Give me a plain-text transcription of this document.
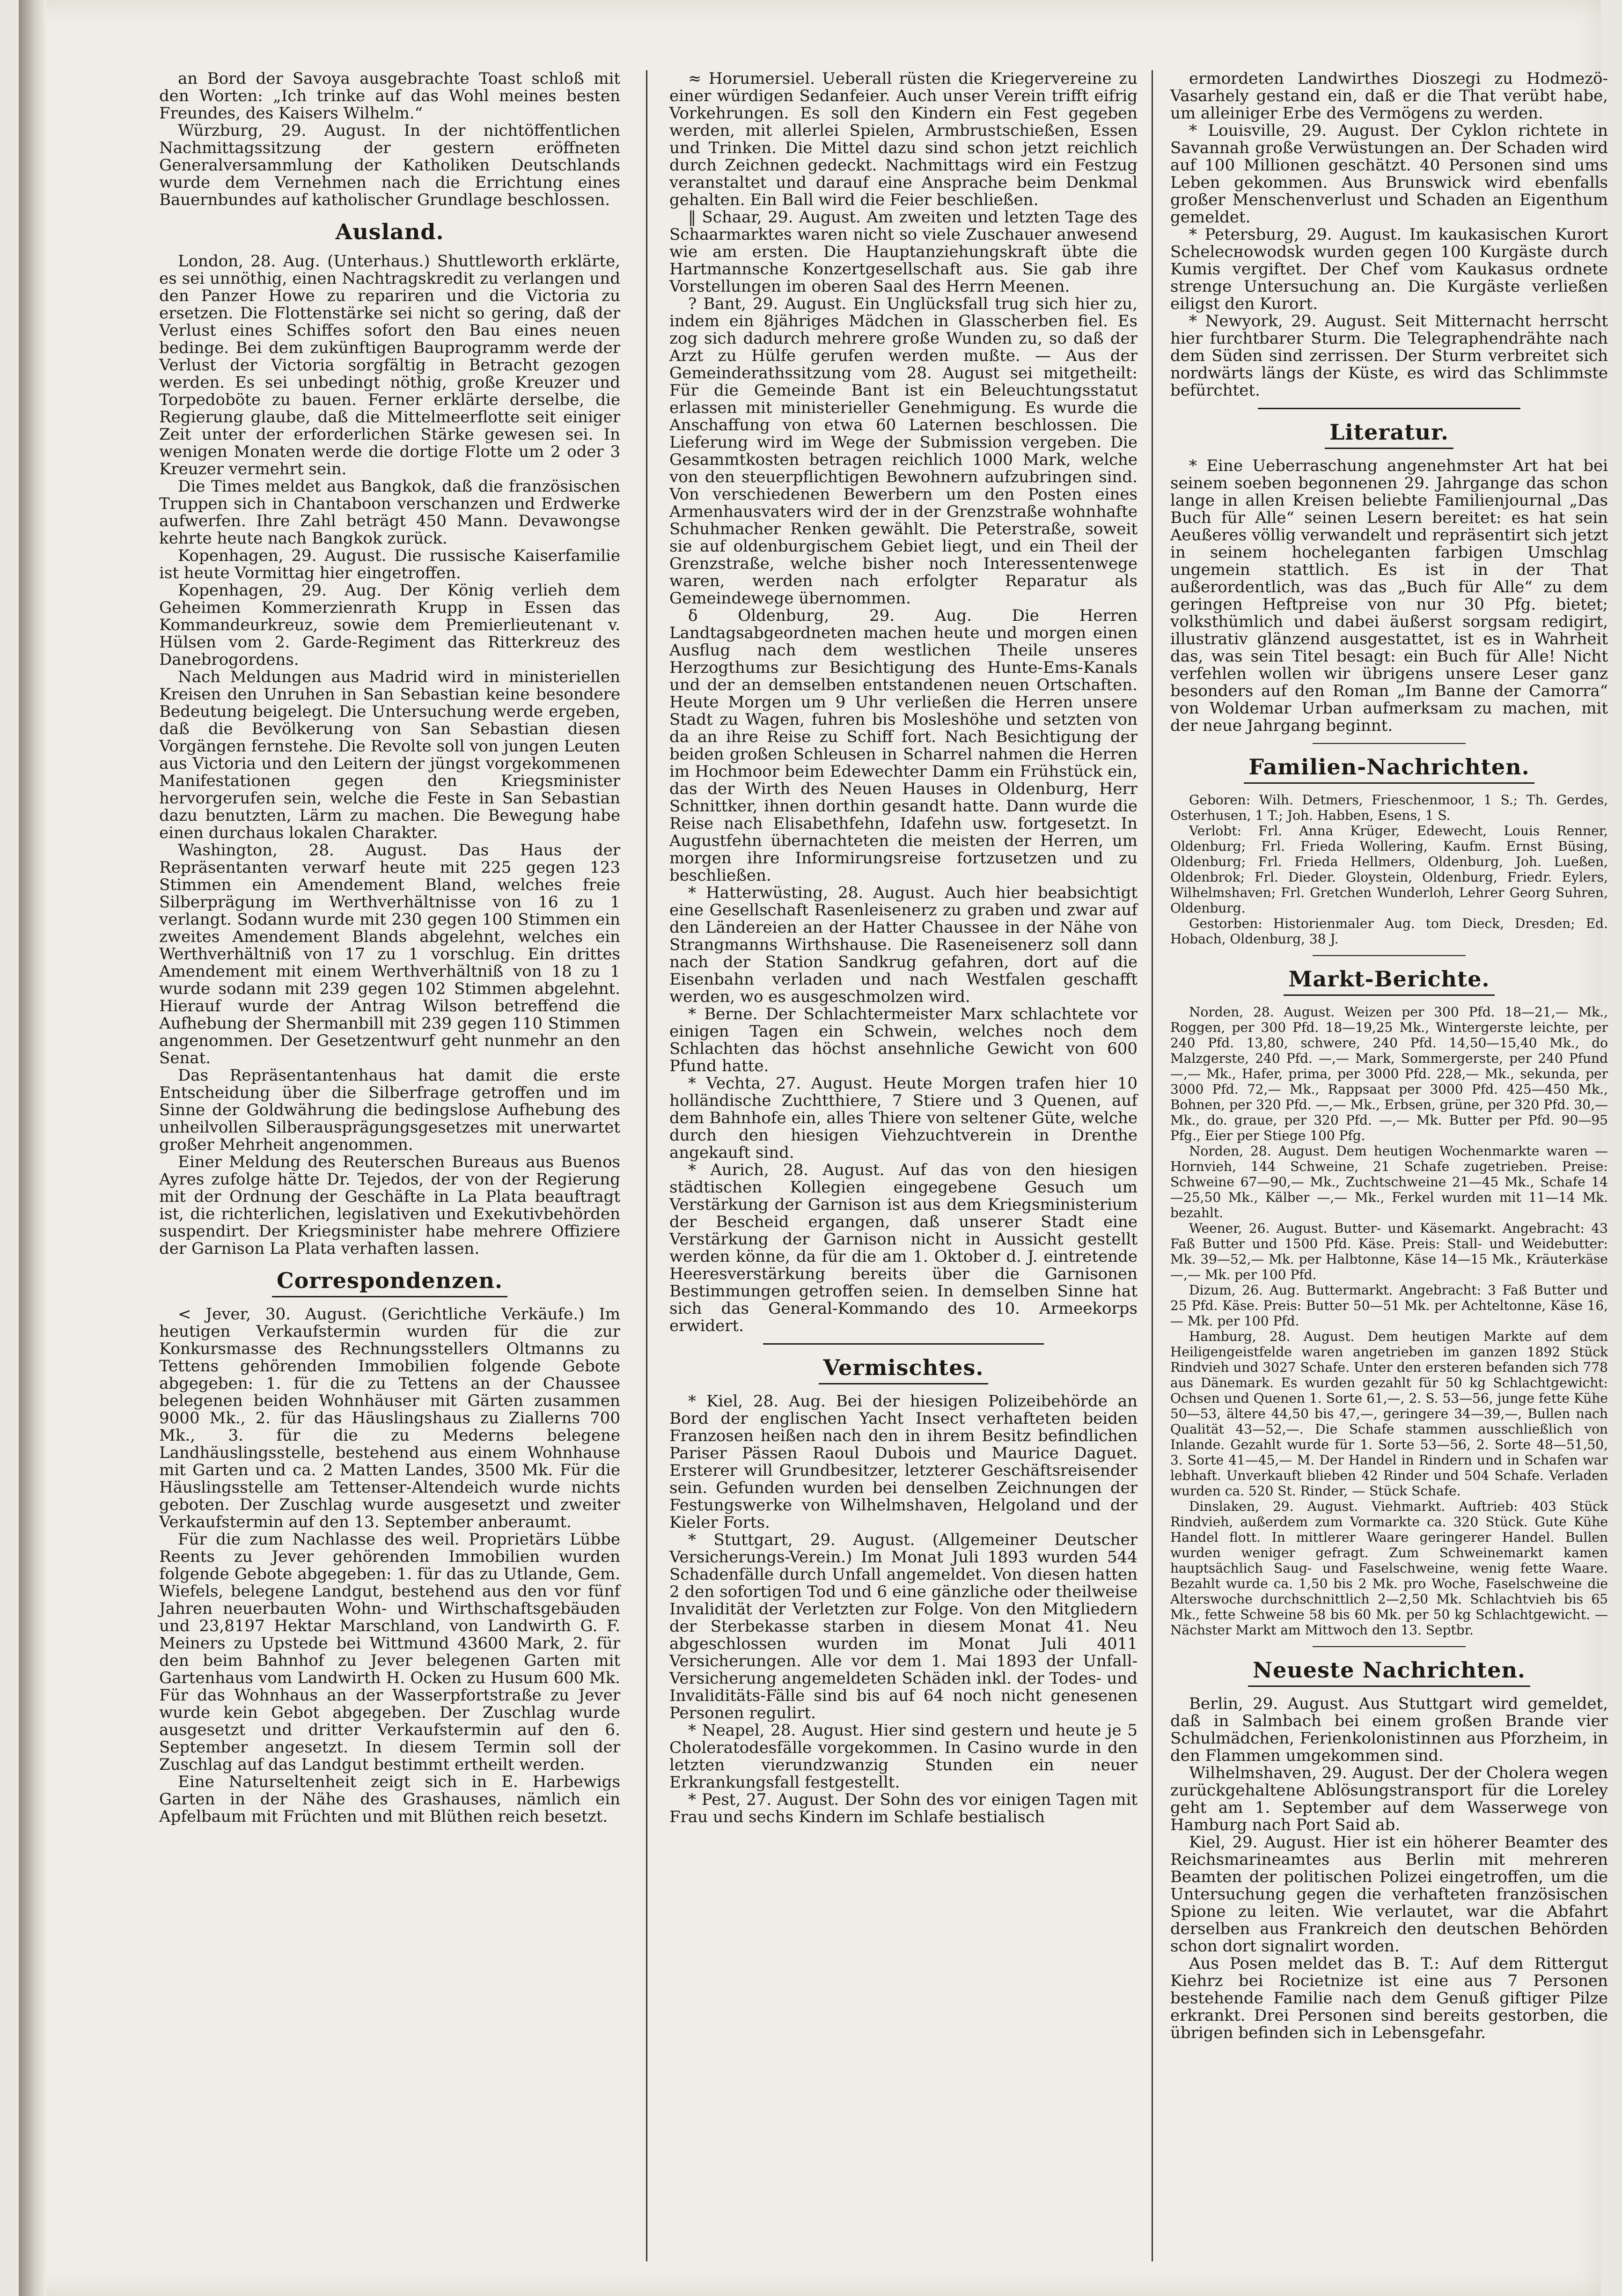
an Bord der Savoya ausgebrachte Toast schloß mit den Worten: „Ich trinke auf das Wohl meines besten Freundes, des Kaisers Wilhelm.“

Würzburg, 29. August. In der nichtöffentlichen Nachmittagssitzung der gestern eröffneten Generalversammlung der Katholiken Deutschlands wurde dem Vernehmen nach die Errichtung eines Bauernbundes auf katholischer Grundlage beschlossen.

Ausland.

London, 28. Aug. (Unterhaus.) Shuttleworth erklärte, es sei unnöthig, einen Nachtragskredit zu verlangen und den Panzer Howe zu repariren und die Victoria zu ersetzen. Die Flottenstärke sei nicht so gering, daß der Verlust eines Schiffes sofort den Bau eines neuen bedinge. Bei dem zukünftigen Bauprogramm werde der Verlust der Victoria sorgfältig in Betracht gezogen werden. Es sei unbedingt nöthig, große Kreuzer und Torpedoböte zu bauen. Ferner erklärte derselbe, die Regierung glaube, daß die Mittelmeerflotte seit einiger Zeit unter der erforderlichen Stärke gewesen sei. In wenigen Monaten werde die dortige Flotte um 2 oder 3 Kreuzer vermehrt sein.

Die Times meldet aus Bangkok, daß die französischen Truppen sich in Chantaboon verschanzen und Erdwerke aufwerfen. Ihre Zahl beträgt 450 Mann. Devawongse kehrte heute nach Bangkok zurück.

Kopenhagen, 29. August. Die russische Kaiserfamilie ist heute Vormittag hier eingetroffen.

Kopenhagen, 29. Aug. Der König verlieh dem Geheimen Kommerzienrath Krupp in Essen das Kommandeurkreuz, sowie dem Premierlieutenant v. Hülsen vom 2. Garde-Regiment das Ritterkreuz des Danebrogordens.

Nach Meldungen aus Madrid wird in ministeriellen Kreisen den Unruhen in San Sebastian keine besondere Bedeutung beigelegt. Die Untersuchung werde ergeben, daß die Bevölkerung von San Sebastian diesen Vorgängen fernstehe. Die Revolte soll von jungen Leuten aus Victoria und den Leitern der jüngst vorgekommenen Manifestationen gegen den Kriegsminister hervorgerufen sein, welche die Feste in San Sebastian dazu benutzten, Lärm zu machen. Die Bewegung habe einen durchaus lokalen Charakter.

Washington, 28. August. Das Haus der Repräsentanten verwarf heute mit 225 gegen 123 Stimmen ein Amendement Bland, welches freie Silberprägung im Werthverhältnisse von 16 zu 1 verlangt. Sodann wurde mit 230 gegen 100 Stimmen ein zweites Amendement Blands abgelehnt, welches ein Werthverhältniß von 17 zu 1 vorschlug. Ein drittes Amendement mit einem Werthverhältniß von 18 zu 1 wurde sodann mit 239 gegen 102 Stimmen abgelehnt. Hierauf wurde der Antrag Wilson betreffend die Aufhebung der Shermanbill mit 239 gegen 110 Stimmen angenommen. Der Gesetzentwurf geht nunmehr an den Senat.

Das Repräsentantenhaus hat damit die erste Entscheidung über die Silberfrage getroffen und im Sinne der Goldwährung die bedingslose Aufhebung des unheilvollen Silberausprägungsgesetzes mit unerwartet großer Mehrheit angenommen.

Einer Meldung des Reuterschen Bureaus aus Buenos Ayres zufolge hätte Dr. Tejedos, der von der Regierung mit der Ordnung der Geschäfte in La Plata beauftragt ist, die richterlichen, legislativen und Exekutivbehörden suspendirt. Der Kriegsminister habe mehrere Offiziere der Garnison La Plata verhaften lassen.

Correspondenzen.

< Jever, 30. August. (Gerichtliche Verkäufe.) Im heutigen Verkaufstermin wurden für die zur Konkursmasse des Rechnungsstellers Oltmanns zu Tettens gehörenden Immobilien folgende Gebote abgegeben: 1. für die zu Tettens an der Chaussee belegenen beiden Wohnhäuser mit Gärten zusammen 9000 Mk., 2. für das Häuslingshaus zu Ziallerns 700 Mk., 3. für die zu Mederns belegene Landhäuslingsstelle, bestehend aus einem Wohnhause mit Garten und ca. 2 Matten Landes, 3500 Mk. Für die Häuslingsstelle am Tettenser-Altendeich wurde nichts geboten. Der Zuschlag wurde ausgesetzt und zweiter Verkaufstermin auf den 13. September anberaumt.

Für die zum Nachlasse des weil. Proprietärs Lübbe Reents zu Jever gehörenden Immobilien wurden folgende Gebote abgegeben: 1. für das zu Utlande, Gem. Wiefels, belegene Landgut, bestehend aus den vor fünf Jahren neuerbauten Wohn- und Wirthschaftsgebäuden und 23,8197 Hektar Marschland, von Landwirth G. F. Meiners zu Upstede bei Wittmund 43600 Mark, 2. für den beim Bahnhof zu Jever belegenen Garten mit Gartenhaus vom Landwirth H. Ocken zu Husum 600 Mk. Für das Wohnhaus an der Wasserpfortstraße zu Jever wurde kein Gebot abgegeben. Der Zuschlag wurde ausgesetzt und dritter Verkaufstermin auf den 6. September angesetzt. In diesem Termin soll der Zuschlag auf das Landgut bestimmt ertheilt werden.

Eine Naturseltenheit zeigt sich in E. Harbewigs Garten in der Nähe des Grashauses, nämlich ein Apfelbaum mit Früchten und mit Blüthen reich besetzt.

≈ Horumersiel. Ueberall rüsten die Kriegervereine zu einer würdigen Sedanfeier. Auch unser Verein trifft eifrig Vorkehrungen. Es soll den Kindern ein Fest gegeben werden, mit allerlei Spielen, Armbrustschießen, Essen und Trinken. Die Mittel dazu sind schon jetzt reichlich durch Zeichnen gedeckt. Nachmittags wird ein Festzug veranstaltet und darauf eine Ansprache beim Denkmal gehalten. Ein Ball wird die Feier beschließen.

‖ Schaar, 29. August. Am zweiten und letzten Tage des Schaarmarktes waren nicht so viele Zuschauer anwesend wie am ersten. Die Hauptanziehungskraft übte die Hartmannsche Konzertgesellschaft aus. Sie gab ihre Vorstellungen im oberen Saal des Herrn Meenen.

? Bant, 29. August. Ein Unglücksfall trug sich hier zu, indem ein 8jähriges Mädchen in Glasscherben fiel. Es zog sich dadurch mehrere große Wunden zu, so daß der Arzt zu Hülfe gerufen werden mußte. — Aus der Gemeinderathssitzung vom 28. August sei mitgetheilt: Für die Gemeinde Bant ist ein Beleuchtungsstatut erlassen mit ministerieller Genehmigung. Es wurde die Anschaffung von etwa 60 Laternen beschlossen. Die Lieferung wird im Wege der Submission vergeben. Die Gesammtkosten betragen reichlich 1000 Mark, welche von den steuerpflichtigen Bewohnern aufzubringen sind. Von verschiedenen Bewerbern um den Posten eines Armenhausvaters wird der in der Grenzstraße wohnhafte Schuhmacher Renken gewählt. Die Peterstraße, soweit sie auf oldenburgischem Gebiet liegt, und ein Theil der Grenzstraße, welche bisher noch Interessentenwege waren, werden nach erfolgter Reparatur als Gemeindewege übernommen.

δ Oldenburg, 29. Aug. Die Herren Landtagsabgeordneten machen heute und morgen einen Ausflug nach dem westlichen Theile unseres Herzogthums zur Besichtigung des Hunte-Ems-Kanals und der an demselben entstandenen neuen Ortschaften. Heute Morgen um 9 Uhr verließen die Herren unsere Stadt zu Wagen, fuhren bis Mosleshöhe und setzten von da an ihre Reise zu Schiff fort. Nach Besichtigung der beiden großen Schleusen in Scharrel nahmen die Herren im Hochmoor beim Edewechter Damm ein Frühstück ein, das der Wirth des Neuen Hauses in Oldenburg, Herr Schnittker, ihnen dorthin gesandt hatte. Dann wurde die Reise nach Elisabethfehn, Idafehn usw. fortgesetzt. In Augustfehn übernachteten die meisten der Herren, um morgen ihre Informirungsreise fortzusetzen und zu beschließen.

* Hatterwüsting, 28. August. Auch hier beabsichtigt eine Gesellschaft Rasenleisenerz zu graben und zwar auf den Ländereien an der Hatter Chaussee in der Nähe von Strangmanns Wirthshause. Die Raseneisenerz soll dann nach der Station Sandkrug gefahren, dort auf die Eisenbahn verladen und nach Westfalen geschafft werden, wo es ausgeschmolzen wird.

* Berne. Der Schlachtermeister Marx schlachtete vor einigen Tagen ein Schwein, welches noch dem Schlachten das höchst ansehnliche Gewicht von 600 Pfund hatte.

* Vechta, 27. August. Heute Morgen trafen hier 10 holländische Zuchtthiere, 7 Stiere und 3 Quenen, auf dem Bahnhofe ein, alles Thiere von seltener Güte, welche durch den hiesigen Viehzuchtverein in Drenthe angekauft sind.

* Aurich, 28. August. Auf das von den hiesigen städtischen Kollegien eingegebene Gesuch um Verstärkung der Garnison ist aus dem Kriegsministerium der Bescheid ergangen, daß unserer Stadt eine Verstärkung der Garnison nicht in Aussicht gestellt werden könne, da für die am 1. Oktober d. J. eintretende Heeresverstärkung bereits über die Garnisonen Bestimmungen getroffen seien. In demselben Sinne hat sich das General-Kommando des 10. Armeekorps erwidert.

Vermischtes.

* Kiel, 28. Aug. Bei der hiesigen Polizeibehörde an Bord der englischen Yacht Insect verhafteten beiden Franzosen heißen nach den in ihrem Besitz befindlichen Pariser Pässen Raoul Dubois und Maurice Daguet. Ersterer will Grundbesitzer, letzterer Geschäftsreisender sein. Gefunden wurden bei denselben Zeichnungen der Festungswerke von Wilhelmshaven, Helgoland und der Kieler Forts.

* Stuttgart, 29. August. (Allgemeiner Deutscher Versicherungs-Verein.) Im Monat Juli 1893 wurden 544 Schadenfälle durch Unfall angemeldet. Von diesen hatten 2 den sofortigen Tod und 6 eine gänzliche oder theilweise Invalidität der Verletzten zur Folge. Von den Mitgliedern der Sterbekasse starben in diesem Monat 41. Neu abgeschlossen wurden im Monat Juli 4011 Versicherungen. Alle vor dem 1. Mai 1893 der Unfall-Versicherung angemeldeten Schäden inkl. der Todes- und Invaliditäts-Fälle sind bis auf 64 noch nicht genesenen Personen regulirt.

* Neapel, 28. August. Hier sind gestern und heute je 5 Choleratodesfälle vorgekommen. In Casino wurde in den letzten vierundzwanzig Stunden ein neuer Erkrankungsfall festgestellt.

* Pest, 27. August. Der Sohn des vor einigen Tagen mit Frau und sechs Kindern im Schlafe bestialisch

ermordeten Landwirthes Dioszegi zu Hodmezö-Vasarhely gestand ein, daß er die That verübt habe, um alleiniger Erbe des Vermögens zu werden.

* Louisville, 29. August. Der Cyklon richtete in Savannah große Verwüstungen an. Der Schaden wird auf 100 Millionen geschätzt. 40 Personen sind ums Leben gekommen. Aus Brunswick wird ebenfalls großer Menschenverlust und Schaden an Eigenthum gemeldet.

* Petersburg, 29. August. Im kaukasischen Kurort Scheleснowodsk wurden gegen 100 Kurgäste durch Kumis vergiftet. Der Chef vom Kaukasus ordnete strenge Untersuchung an. Die Kurgäste verließen eiligst den Kurort.

* Newyork, 29. August. Seit Mitternacht herrscht hier furchtbarer Sturm. Die Telegraphendrähte nach dem Süden sind zerrissen. Der Sturm verbreitet sich nordwärts längs der Küste, es wird das Schlimmste befürchtet.

Literatur.

* Eine Ueberraschung angenehmster Art hat bei seinem soeben begonnenen 29. Jahrgange das schon lange in allen Kreisen beliebte Familienjournal „Das Buch für Alle“ seinen Lesern bereitet: es hat sein Aeußeres völlig verwandelt und repräsentirt sich jetzt in seinem hocheleganten farbigen Umschlag ungemein stattlich. Es ist in der That außerordentlich, was das „Buch für Alle“ zu dem geringen Heftpreise von nur 30 Pfg. bietet; volksthümlich und dabei äußerst sorgsam redigirt, illustrativ glänzend ausgestattet, ist es in Wahrheit das, was sein Titel besagt: ein Buch für Alle! Nicht verfehlen wollen wir übrigens unsere Leser ganz besonders auf den Roman „Im Banne der Camorra“ von Woldemar Urban aufmerksam zu machen, mit der neue Jahrgang beginnt.

Familien-Nachrichten.

Geboren: Wilh. Detmers, Frieschenmoor, 1 S.; Th. Gerdes, Osterhusen, 1 T.; Joh. Habben, Esens, 1 S.

Verlobt: Frl. Anna Krüger, Edewecht, Louis Renner, Oldenburg; Frl. Frieda Wollering, Kaufm. Ernst Büsing, Oldenburg; Frl. Frieda Hellmers, Oldenburg, Joh. Lueßen, Oldenbrok; Frl. Dieder. Gloystein, Oldenburg, Friedr. Eylers, Wilhelmshaven; Frl. Gretchen Wunderloh, Lehrer Georg Suhren, Oldenburg.

Gestorben: Historienmaler Aug. tom Dieck, Dresden; Ed. Hobach, Oldenburg, 38 J.

Markt-Berichte.

Norden, 28. August. Weizen per 300 Pfd. 18—21,— Mk., Roggen, per 300 Pfd. 18—19,25 Mk., Wintergerste leichte, per 240 Pfd. 13,80, schwere, 240 Pfd. 14,50—15,40 Mk., do Malzgerste, 240 Pfd. —,— Mark, Sommergerste, per 240 Pfund —,— Mk., Hafer, prima, per 3000 Pfd. 228,— Mk., sekunda, per 3000 Pfd. 72,— Mk., Rappsaat per 3000 Pfd. 425—450 Mk., Bohnen, per 320 Pfd. —,— Mk., Erbsen, grüne, per 320 Pfd. 30,— Mk., do. graue, per 320 Pfd. —,— Mk. Butter per Pfd. 90—95 Pfg., Eier per Stiege 100 Pfg.

Norden, 28. August. Dem heutigen Wochenmarkte waren — Hornvieh, 144 Schweine, 21 Schafe zugetrieben. Preise: Schweine 67—90,— Mk., Zuchtschweine 21—45 Mk., Schafe 14—25,50 Mk., Kälber —,— Mk., Ferkel wurden mit 11—14 Mk. bezahlt.

Weener, 26. August. Butter- und Käsemarkt. Angebracht: 43 Faß Butter und 1500 Pfd. Käse. Preis: Stall- und Weidebutter: Mk. 39—52,— Mk. per Halbtonne, Käse 14—15 Mk., Kräuterkäse —,— Mk. per 100 Pfd.

Dizum, 26. Aug. Buttermarkt. Angebracht: 3 Faß Butter und 25 Pfd. Käse. Preis: Butter 50—51 Mk. per Achteltonne, Käse 16,— Mk. per 100 Pfd.

Hamburg, 28. August. Dem heutigen Markte auf dem Heiligengeistfelde waren angetrieben im ganzen 1892 Stück Rindvieh und 3027 Schafe. Unter den ersteren befanden sich 778 aus Dänemark. Es wurden gezahlt für 50 kg Schlachtgewicht: Ochsen und Quenen 1. Sorte 61,—, 2. S. 53—56, junge fette Kühe 50—53, ältere 44,50 bis 47,—, geringere 34—39,—, Bullen nach Qualität 43—52,—. Die Schafe stammen ausschließlich von Inlande. Gezahlt wurde für 1. Sorte 53—56, 2. Sorte 48—51,50, 3. Sorte 41—45,— M. Der Handel in Rindern und in Schafen war lebhaft. Unverkauft blieben 42 Rinder und 504 Schafe. Verladen wurden ca. 520 St. Rinder, — Stück Schafe.

Dinslaken, 29. August. Viehmarkt. Auftrieb: 403 Stück Rindvieh, außerdem zum Vormarkte ca. 320 Stück. Gute Kühe Handel flott. In mittlerer Waare geringerer Handel. Bullen wurden weniger gefragt. Zum Schweinemarkt kamen hauptsächlich Saug- und Faselschweine, wenig fette Waare. Bezahlt wurde ca. 1,50 bis 2 Mk. pro Woche, Faselschweine die Alterswoche durchschnittlich 2—2,50 Mk. Schlachtvieh bis 65 Mk., fette Schweine 58 bis 60 Mk. per 50 kg Schlachtgewicht. — Nächster Markt am Mittwoch den 13. Septbr.

Neueste Nachrichten.

Berlin, 29. August. Aus Stuttgart wird gemeldet, daß in Salmbach bei einem großen Brande vier Schulmädchen, Ferienkolonistinnen aus Pforzheim, in den Flammen umgekommen sind.

Wilhelmshaven, 29. August. Der der Cholera wegen zurückgehaltene Ablösungstransport für die Loreley geht am 1. September auf dem Wasserwege von Hamburg nach Port Said ab.

Kiel, 29. August. Hier ist ein höherer Beamter des Reichsmarineamtes aus Berlin mit mehreren Beamten der politischen Polizei eingetroffen, um die Untersuchung gegen die verhafteten französischen Spione zu leiten. Wie verlautet, war die Abfahrt derselben aus Frankreich den deutschen Behörden schon dort signalirt worden.

Aus Posen meldet das B. T.: Auf dem Rittergut Kiehrz bei Rocietnize ist eine aus 7 Personen bestehende Familie nach dem Genuß giftiger Pilze erkrankt. Drei Personen sind bereits gestorben, die übrigen befinden sich in Lebensgefahr.
